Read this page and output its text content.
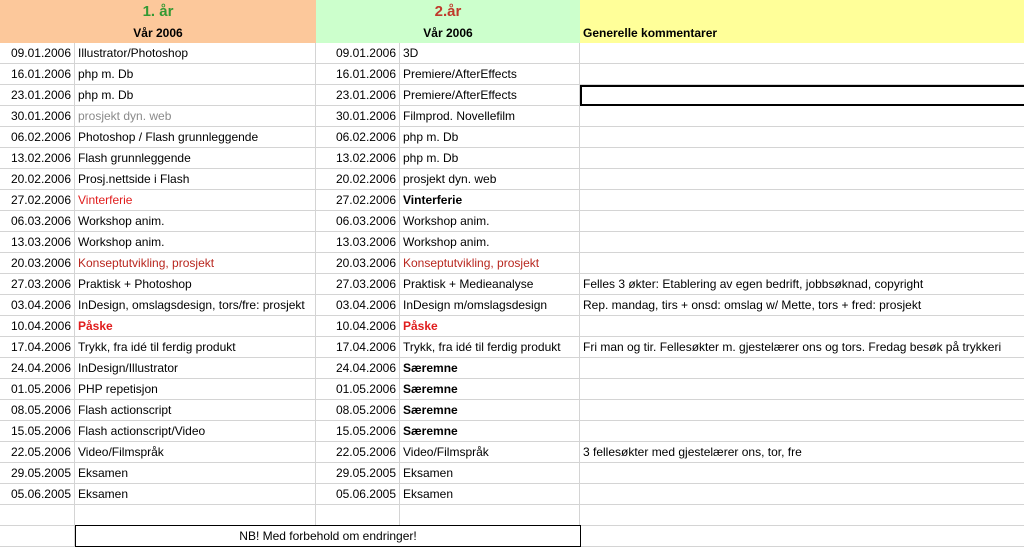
1. år	2.år
Vår 2006	Vår 2006	Generelle kommentarer
09.01.2006 Illustrator/Photoshop	09.01.2006 3D
16.01.2006 php m. Db	16.01.2006 Premiere/AfterEffects
23.01.2006 php m. Db	23.01.2006 Premiere/AfterEffects
30.01.2006 prosjekt dyn. web	30.01.2006 Filmprod. Novellefilm
06.02.2006 Photoshop / Flash grunnleggende	06.02.2006 php m. Db
13.02.2006 Flash grunnleggende	13.02.2006 php m. Db
20.02.2006 Prosj.nettside i Flash	20.02.2006 prosjekt dyn. web
27.02.2006 Vinterferie	27.02.2006 Vinterferie
06.03.2006 Workshop anim.	06.03.2006 Workshop anim.
13.03.2006 Workshop anim.	13.03.2006 Workshop anim.
20.03.2006 Konseptutvikling, prosjekt	20.03.2006 Konseptutvikling, prosjekt
27.03.2006 Praktisk + Photoshop	27.03.2006 Praktisk + Medieanalyse	Felles 3 økter: Etablering av egen bedrift, jobbsøknad, copyright
03.04.2006 InDesign, omslagsdesign, tors/fre: prosjekt	03.04.2006 InDesign m/omslagsdesign	Rep. mandag, tirs + onsd: omslag w/ Mette, tors + fred: prosjekt
10.04.2006 Påske	10.04.2006 Påske
17.04.2006 Trykk, fra idé til ferdig produkt	17.04.2006 Trykk, fra idé til ferdig produkt	Fri man og tir. Fellesøkter m. gjestelærer ons og tors. Fredag besøk på trykkeri
24.04.2006 InDesign/Illustrator	24.04.2006 Særemne
01.05.2006 PHP repetisjon	01.05.2006 Særemne
08.05.2006 Flash actionscript	08.05.2006 Særemne
15.05.2006 Flash actionscript/Video	15.05.2006 Særemne
22.05.2006 Video/Filmspråk	22.05.2006 Video/Filmspråk	3 fellesøkter med gjestelærer ons, tor, fre
29.05.2005 Eksamen	29.05.2005 Eksamen
05.06.2005 Eksamen	05.06.2005 Eksamen
NB! Med forbehold om endringer!
